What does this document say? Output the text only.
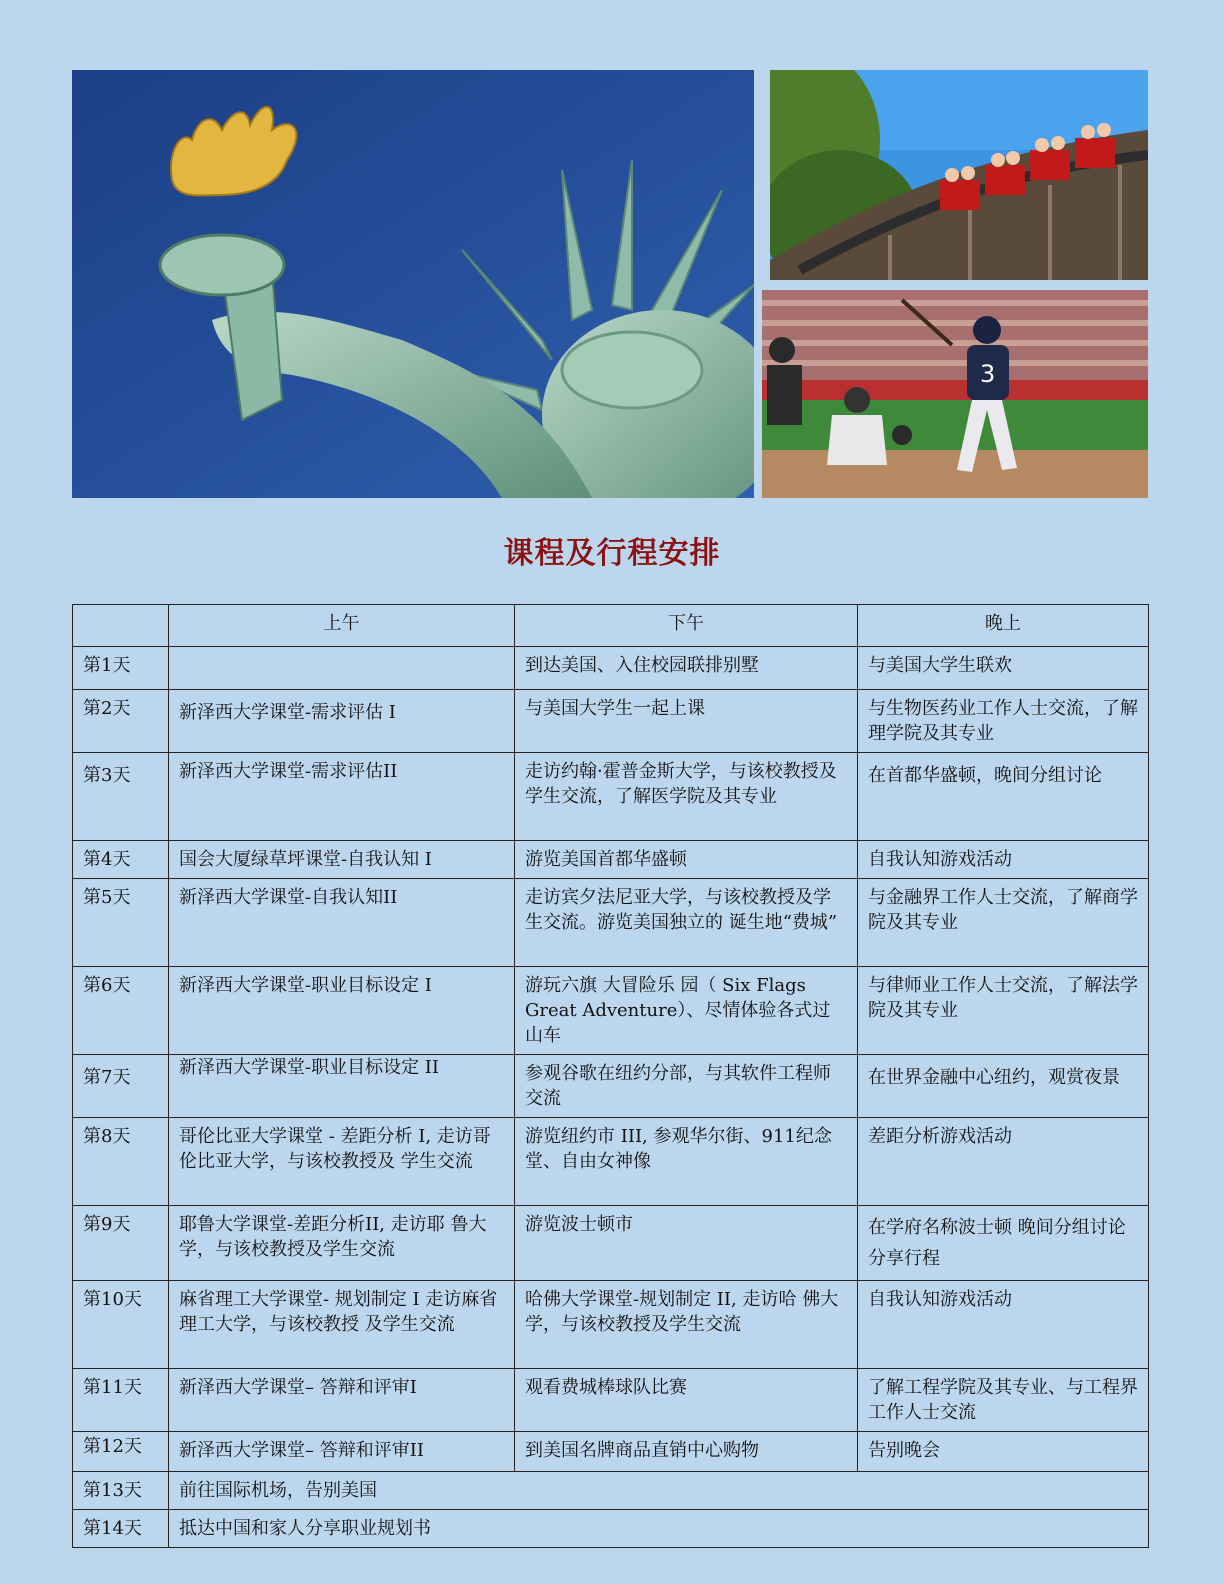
3
课程及行程安排
	上午	下午	晚上
第1天		到达美国、入住校园联排别墅	与美国大学生联欢
第2天	新泽西大学课堂-需求评估 I	与美国大学生一起上课	与生物医药业工作人士交流，了解理学院及其专业
第3天	新泽西大学课堂-需求评估II	走访约翰·霍普金斯大学，与该校教授及学生交流，了解医学院及其专业	在首都华盛顿，晚间分组讨论
第4天	国会大厦绿草坪课堂-自我认知 I	游览美国首都华盛顿	自我认知游戏活动
第5天	新泽西大学课堂-自我认知II	走访宾夕法尼亚大学，与该校教授及学生交流。游览美国独立的 诞生地“费城”	与金融界工作人士交流，了解商学院及其专业
第6天	新泽西大学课堂-职业目标设定 I	游玩六旗 大冒险乐 园（ Six Flags Great Adventure）、尽情体验各式过山车	与律师业工作人士交流，了解法学院及其专业
第7天	新泽西大学课堂-职业目标设定 II	参观谷歌在纽约分部，与其软件工程师交流	在世界金融中心纽约，观赏夜景
第8天	哥伦比亚大学课堂 - 差距分析 I, 走访哥伦比亚大学，与该校教授及 学生交流	游览纽约市 III, 参观华尔街、911纪念堂、自由女神像	差距分析游戏活动
第9天	耶鲁大学课堂-差距分析II, 走访耶 鲁大学，与该校教授及学生交流	游览波士顿市	在学府名称波士顿 晚间分组讨论分享行程
第10天	麻省理工大学课堂- 规划制定 I 走访麻省理工大学，与该校教授 及学生交流	哈佛大学课堂-规划制定 II, 走访哈 佛大学，与该校教授及学生交流	自我认知游戏活动
第11天	新泽西大学课堂– 答辩和评审I	观看费城棒球队比赛	了解工程学院及其专业、与工程界工作人士交流
第12天	新泽西大学课堂– 答辩和评审II	到美国名牌商品直销中心购物	告别晚会
第13天	前往国际机场，告别美国		
第14天	抵达中国和家人分享职业规划书		
